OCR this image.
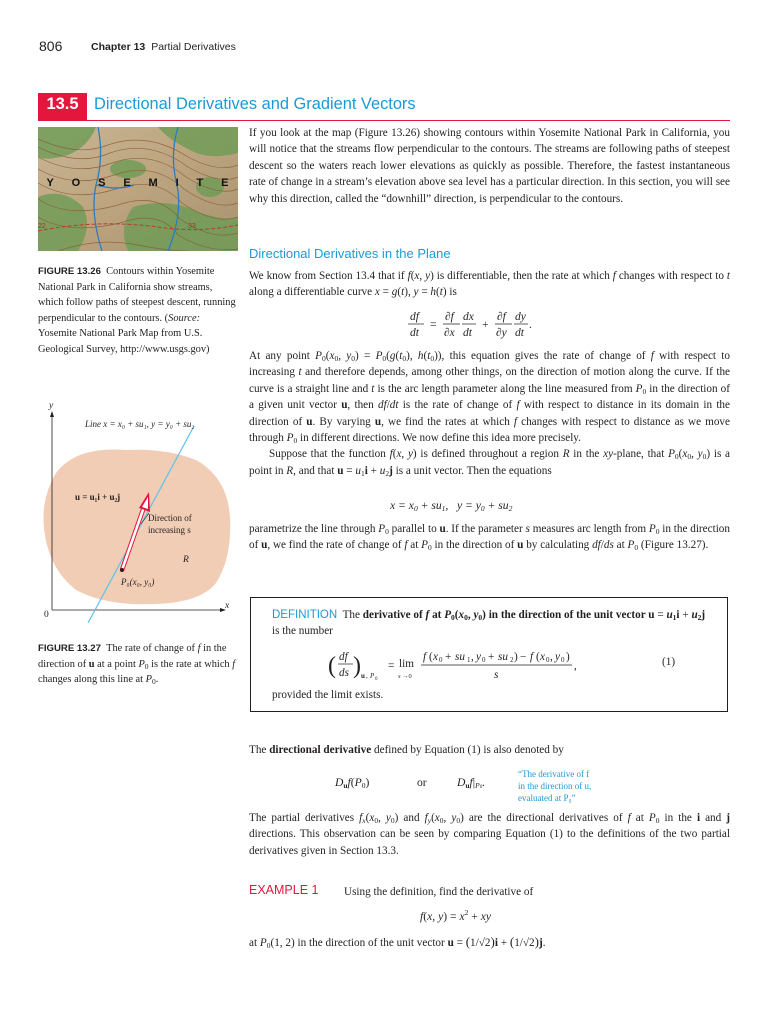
806	Chapter 13 Partial Derivatives
13.5 Directional Derivatives and Gradient Vectors
Y O S E M I T E
22	33
FIGURE 13.26 Contours within Yosemite National Park in California show streams, which follow paths of steepest descent, running perpendicular to the contours. (Source: Yosemite National Park Map from U.S. Geological Survey, http://www.usgs.gov)
If you look at the map (Figure 13.26) showing contours within Yosemite National Park in California, you will notice that the streams flow perpendicular to the contours. The streams are following paths of steepest descent so the waters reach lower elevations as quickly as possible. Therefore, the fastest instantaneous rate of change in a stream’s elevation above sea level has a particular direction. In this section, you will see why this direction, called the “downhill” direction, is perpendicular to the contours.
Directional Derivatives in the Plane

We know from Section 13.4 that if f(x, y) is differentiable, then the rate at which f changes with respect to t along a differentiable curve x = g(t), y = h(t) is

df
dt
=
∂f
∂x
dx
dt
+
∂f
∂y
dy
dt
.

At any point $P_0(x_0$, $y_0) = P_0(g(t_0)$, $h(t_0)$), this equation gives the rate of change of f with respect to increasing t and therefore depends, among other things, on the direction of motion along the curve. If the curve is a straight line and t is the arc length parameter along the line measured from $P_0$ in the direction of a given unit vector u, then df/dt is the rate of change of f with respect to distance in its domain in the direction of u. By varying u, we find the rates at which f changes with respect to distance as we move through $P_0$ in different directions. We now define this idea more precisely.

Suppose that the function f(x, y) is defined throughout a region R in the xy-plane, that $P_0(x_0$, $y_0$) is a point in R, and that $u = u_1i + u_2j$ is a unit vector. Then the equations

$x = x_0 + su_1$,   $y = y_0 + su_2$

parametrize the line through $P_0$ parallel to u. If the parameter s measures arc length from $P_0$ in the direction of u, we find the rate of change of f at $P_0$ in the direction of u by calculating df/ds at $P_0$ (Figure 13.27).

y
x
0
Line x = x₀ + su₁, y = y₀ + su₂
u = u₁i + u₂j
Direction of
increasing s
R
P₀(x₀, y₀)
FIGURE 13.27 The rate of change of f in the direction of u at a point $P_0$ is the rate at which f changes along this line at $P_0$.
DEFINITION  The derivative of f at $P_0(x_0$, $y_0$) in the direction of the unit vector $u = u_1i + u_2j$ is the number
( df
ds ) u , P 0
= lim
s →0
f ( x 0 + su 1 , y 0 + su 2 ) − f ( x 0 , y 0 )
s
,	(1)
provided the limit exists.

The directional derivative defined by Equation (1) is also denoted by

$D_uf(P_0)$	or	$D_uf|_{P0}$.
“The derivative of f
in the direction of u,
evaluated at P₀”

The partial derivatives $f_x(x_0$, $y_0$) and $f_y(x_0$, $y_0$) are the directional derivatives of f at $P_0$ in the i and j directions. This observation can be seen by comparing Equation (1) to the definitions of the two partial derivatives given in Section 13.3.

EXAMPLE 1 Using the definition, find the derivative of
f(x, $y) = x^2$ + xy
at $P_0(1$, 2) in the direction of the unit vector u = (1/√2)i + (1/√2)j.
